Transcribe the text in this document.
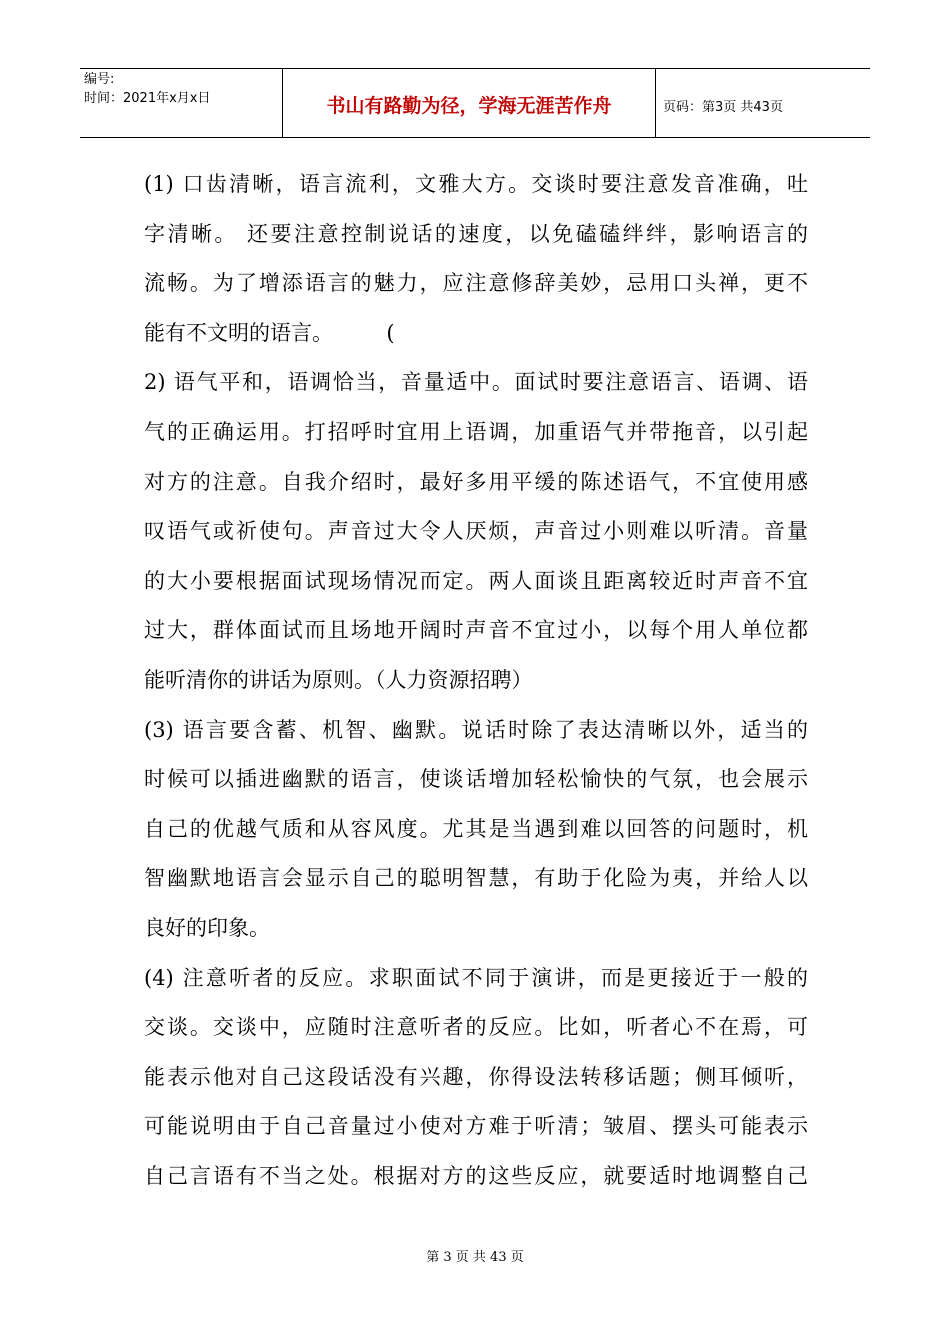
编号:
时间：2021年x月x日	书山有路勤为径，学海无涯苦作舟	页码：第3页 共43页
(1) 口齿清晰，语言流利，文雅大方。交谈时要注意发音准确，吐
字清晰。 还要注意控制说话的速度，以免磕磕绊绊，影响语言的
流畅。为了增添语言的魅力，应注意修辞美妙，忌用口头禅，更不
能有不文明的语言。        (
2) 语气平和，语调恰当，音量适中。面试时要注意语言、语调、语
气的正确运用。打招呼时宜用上语调，加重语气并带拖音，以引起
对方的注意。自我介绍时，最好多用平缓的陈述语气，不宜使用感
叹语气或祈使句。声音过大令人厌烦，声音过小则难以听清。音量
的大小要根据面试现场情况而定。两人面谈且距离较近时声音不宜
过大，群体面试而且场地开阔时声音不宜过小，以每个用人单位都
能听清你的讲话为原则。（人力资源招聘）
(3) 语言要含蓄、机智、幽默。说话时除了表达清晰以外，适当的
时候可以插进幽默的语言，使谈话增加轻松愉快的气氛，也会展示
自己的优越气质和从容风度。尤其是当遇到难以回答的问题时，机
智幽默地语言会显示自己的聪明智慧，有助于化险为夷，并给人以
良好的印象。
(4) 注意听者的反应。求职面试不同于演讲，而是更接近于一般的
交谈。交谈中，应随时注意听者的反应。比如，听者心不在焉，可
能表示他对自己这段话没有兴趣，你得设法转移话题；侧耳倾听，
可能说明由于自己音量过小使对方难于听清；皱眉、摆头可能表示
自己言语有不当之处。根据对方的这些反应，就要适时地调整自己
第 3 页 共 43 页
